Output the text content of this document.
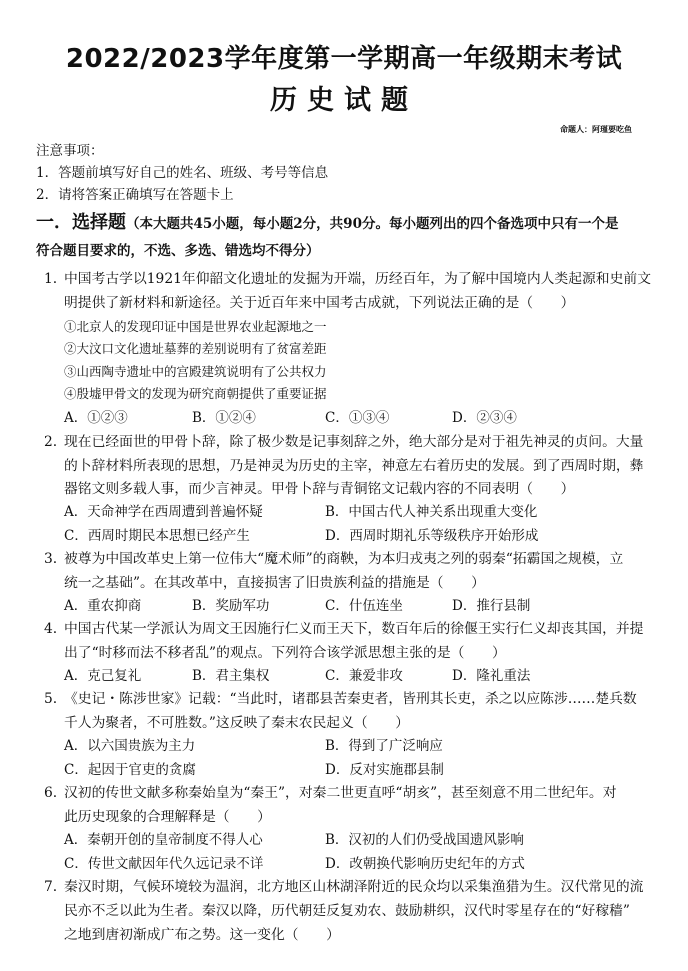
2022/2023学年度第一学期高一年级期末考试
历史试题
命题人：阿瑾要吃鱼
注意事项：
1．答题前填写好自己的姓名、班级、考号等信息
2．请将答案正确填写在答题卡上
一．选择题（本大题共45小题，每小题2分，共90分。每小题列出的四个备选项中只有一个是
符合题目要求的，不选、多选、错选均不得分）
1. 中国考古学以1921年仰韶文化遗址的发掘为开端，历经百年，为了解中国境内人类起源和史前文
明提供了新材料和新途径。关于近百年来中国考古成就，下列说法正确的是（　　）
①北京人的发现印证中国是世界农业起源地之一
②大汶口文化遗址墓葬的差别说明有了贫富差距
③山西陶寺遗址中的宫殿建筑说明有了公共权力
④殷墟甲骨文的发现为研究商朝提供了重要证据
A．①②③	B．①②④	C．①③④	D．②③④
2. 现在已经面世的甲骨卜辞，除了极少数是记事刻辞之外，绝大部分是对于祖先神灵的贞问。大量
的卜辞材料所表现的思想，乃是神灵为历史的主宰，神意左右着历史的发展。到了西周时期，彝
器铭文则多载人事，而少言神灵。甲骨卜辞与青铜铭文记载内容的不同表明（　　）
A．天命神学在西周遭到普遍怀疑	B．中国古代人神关系出现重大变化
C．西周时期民本思想已经产生	D．西周时期礼乐等级秩序开始形成
3. 被尊为中国改革史上第一位伟大“魔术师”的商鞅，为本归戎夷之列的弱秦“拓霸国之规模，立
统一之基础”。在其改革中，直接损害了旧贵族利益的措施是（　　）
A．重农抑商	B．奖励军功	C．什伍连坐	D．推行县制
4. 中国古代某一学派认为周文王因施行仁义而王天下，数百年后的徐偃王实行仁义却丧其国，并提
出了“时移而法不移者乱”的观点。下列符合该学派思想主张的是（　　）
A．克己复礼	B．君主集权	C．兼爱非攻	D．隆礼重法
5. 《史记・陈涉世家》记载：“当此时，诸郡县苦秦吏者，皆刑其长吏，杀之以应陈涉……楚兵数
千人为聚者，不可胜数。”这反映了秦末农民起义（　　）
A．以六国贵族为主力	B．得到了广泛响应
C．起因于官吏的贪腐	D．反对实施郡县制
6. 汉初的传世文献多称秦始皇为“秦王”，对秦二世更直呼“胡亥”，甚至刻意不用二世纪年。对
此历史现象的合理解释是（　　）
A．秦朝开创的皇帝制度不得人心	B．汉初的人们仍受战国遗风影响
C．传世文献因年代久远记录不详	D．改朝换代影响历史纪年的方式
7. 秦汉时期，气候环境较为温润，北方地区山林湖泽附近的民众均以采集渔猎为生。汉代常见的流
民亦不乏以此为生者。秦汉以降，历代朝廷反复劝农、鼓励耕织，汉代时零星存在的“好稼穑”
之地到唐初渐成广布之势。这一变化（　　）
